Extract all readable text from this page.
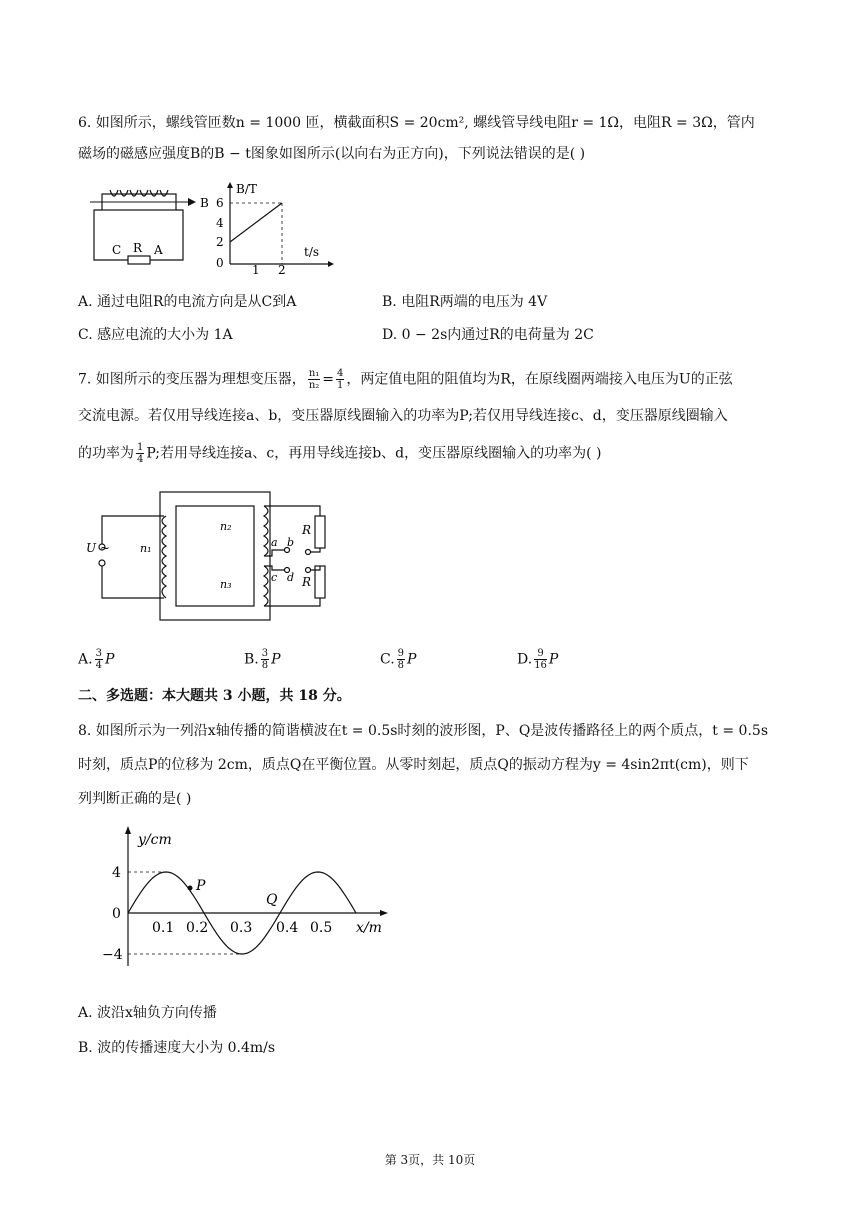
6. 如图所示，螺线管匝数n = 1000 匝，横截面积S = 20cm², 螺线管导线电阻r = 1Ω，电阻R = 3Ω，管内
磁场的磁感应强度B的B − t图象如图所示(以向右为正方向)，下列说法错误的是( )
B
C R A
B/T
t/s
6
4
2
0 1 2
A. 通过电阻R的电流方向是从C到A	B. 电阻R两端的电压为 4V
C. 感应电流的大小为 1A	D. 0 − 2s内通过R的电荷量为 2C
7. 如图所示的变压器为理想变压器， $\frac{\text{n₁}}{\text{n₂}} = \frac{4}{1}$ ，两定值电阻的阻值均为R，在原线圈两端接入电压为U的正弦
交流电源。若仅用导线连接a、b，变压器原线圈输入的功率为P;若仅用导线连接c、d，变压器原线圈输入
的功率为 $\frac{1}{4} P$;若用导线连接a、c，再用导线连接b、d，变压器原线圈输入的功率为( )
U ~	n₁
n₂
n₃
a b
c d
R
R
A. $\frac{3}{4}$ P	B. $\frac{3}{8}$ P	C. $\frac{9}{8}$ P	D. $\frac{9}{16}$ P
二、多选题：本大题共 3 小题，共 18 分。
8. 如图所示为一列沿x轴传播的简谐横波在t = 0.5s时刻的波形图，P、Q是波传播路径上的两个质点，t = 0.5s
时刻，质点P的位移为 2cm，质点Q在平衡位置。从零时刻起，质点Q的振动方程为y = 4sin2πt(cm)，则下
列判断正确的是( )
y/cm
x/m
4
0
−4
0.1 0.2 0.3 0.4 0.5
P
Q
A. 波沿x轴负方向传播
B. 波的传播速度大小为 0.4m/s
第 3页，共 10页
